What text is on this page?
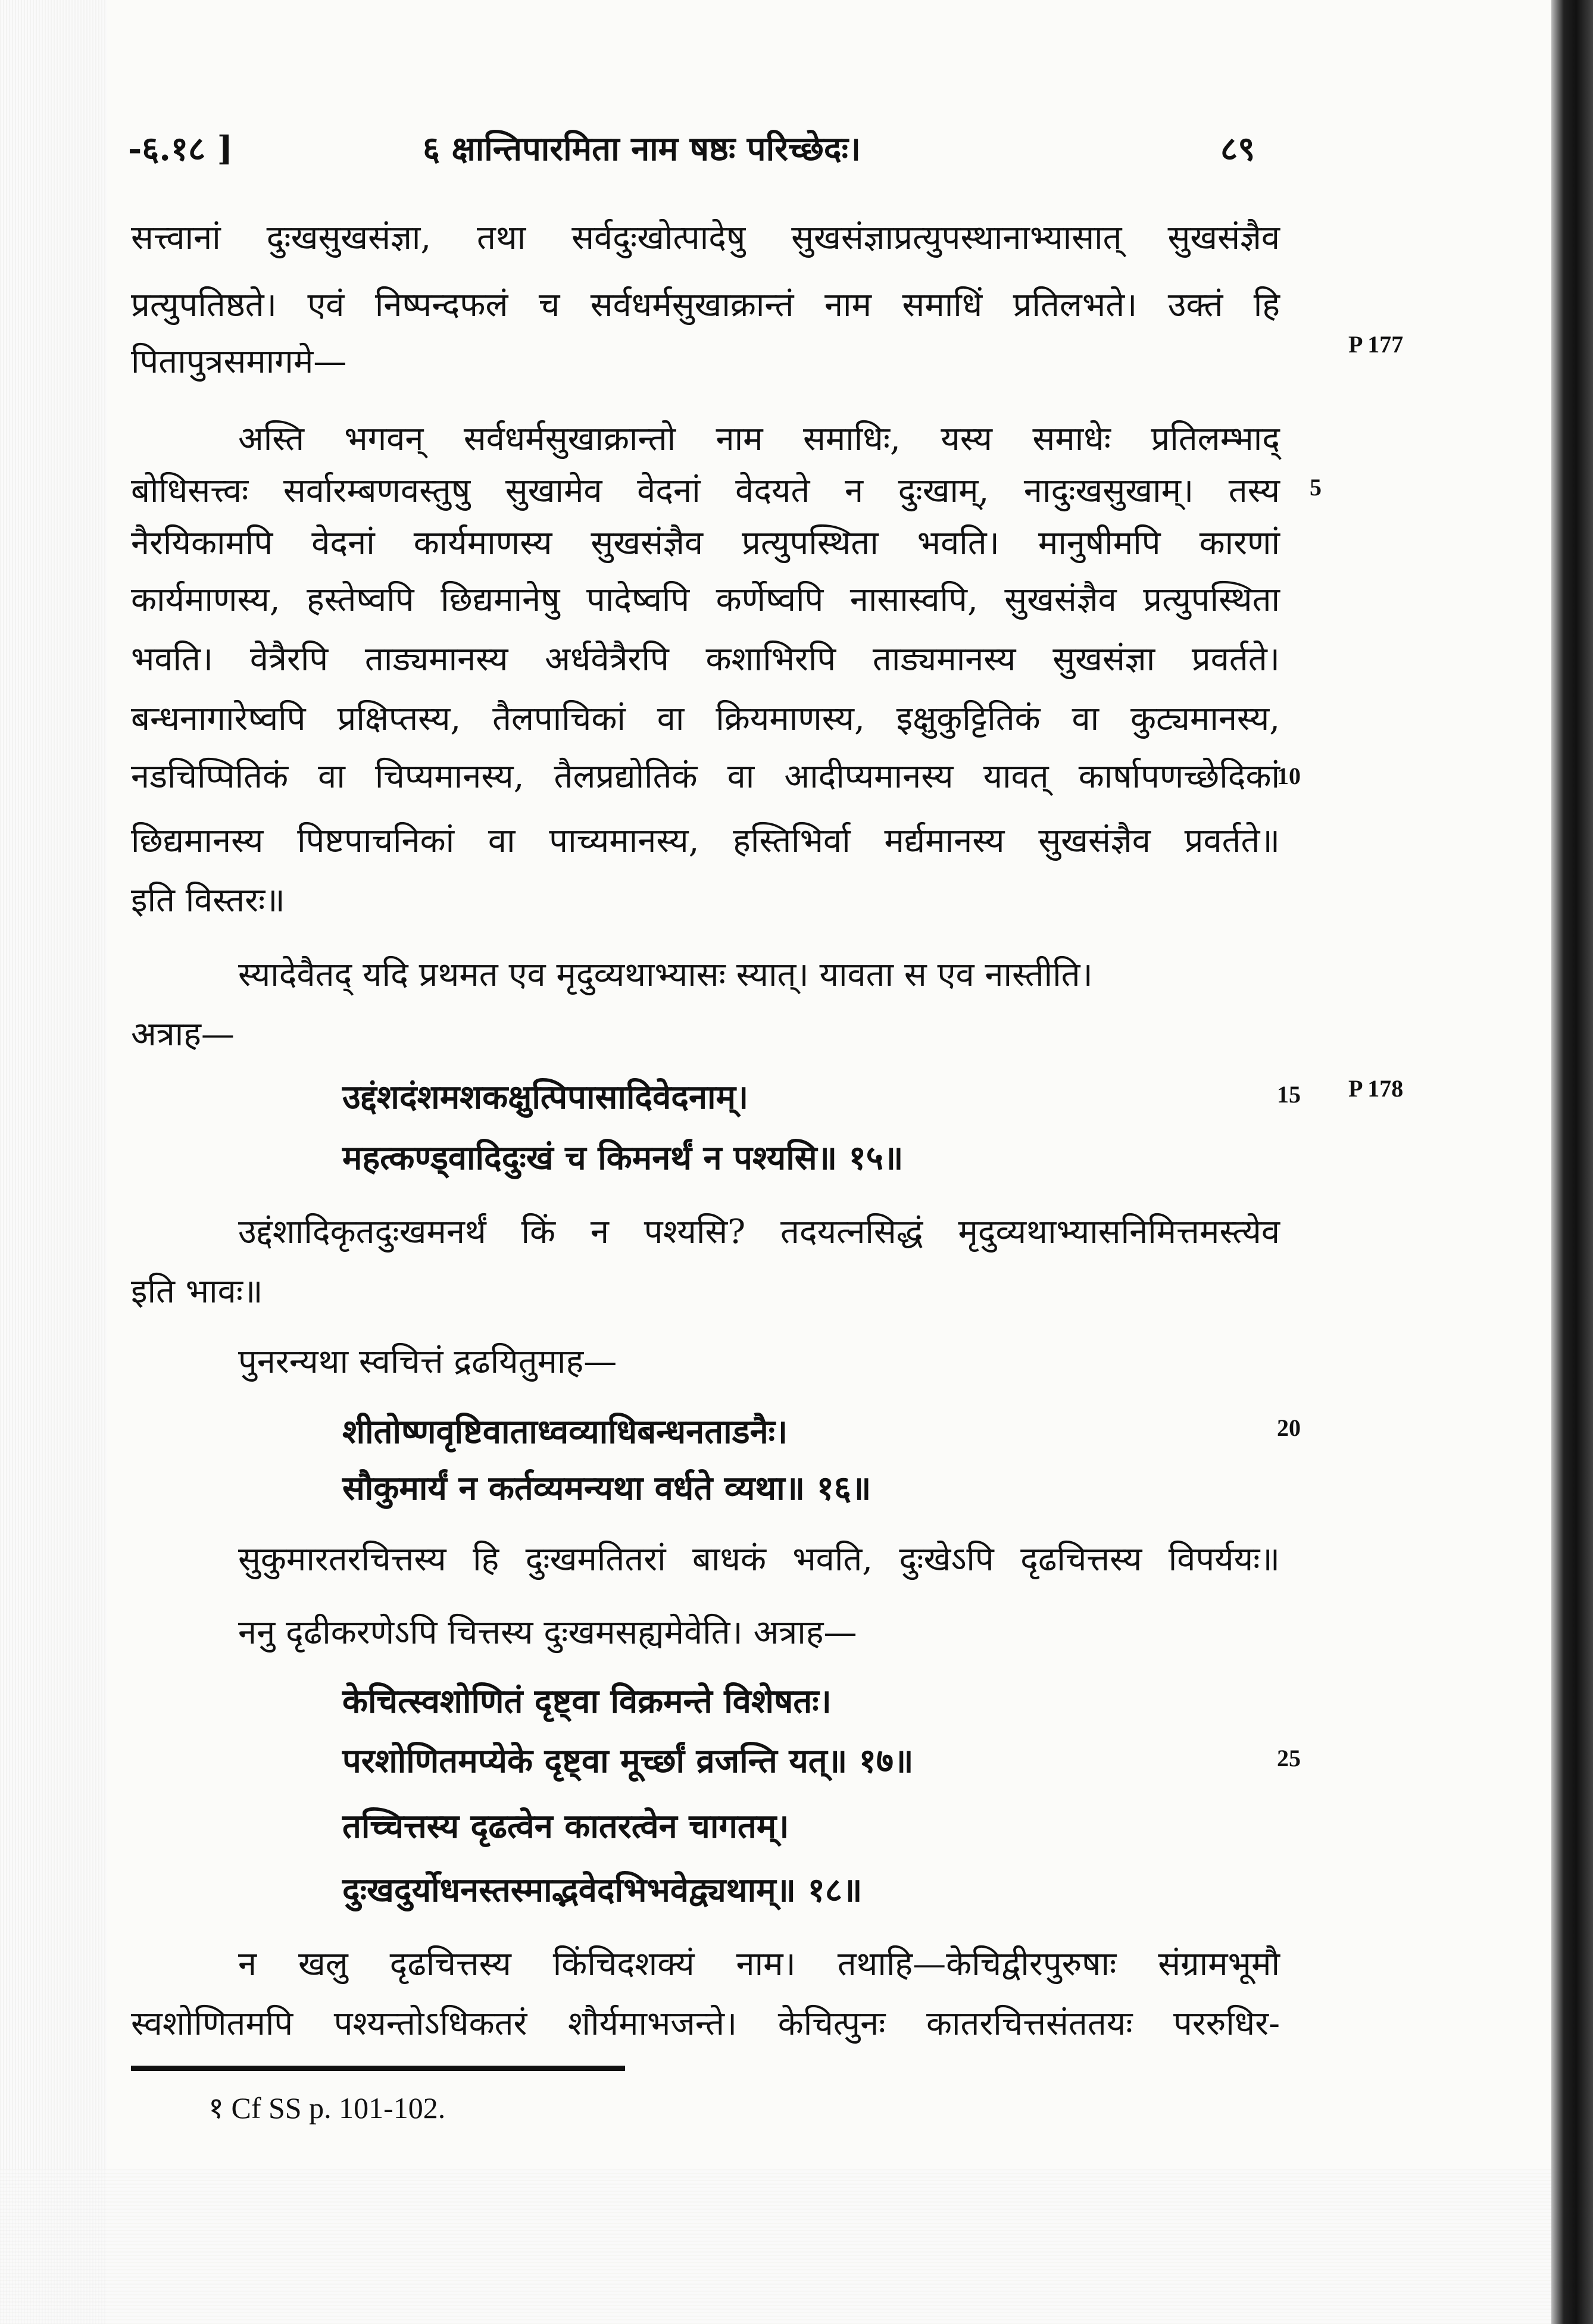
-६.१८ ]	६ क्षान्तिपारमिता नाम षष्ठः परिच्छेदः।	८९
सत्त्वानां दुःखसुखसंज्ञा, तथा सर्वदुःखोत्पादेषु सुखसंज्ञाप्रत्युपस्थानाभ्यासात् सुखसंज्ञैव
प्रत्युपतिष्ठते। एवं निष्पन्दफलं च सर्वधर्मसुखाक्रान्तं नाम समाधिं प्रतिलभते। उक्तं हि
पितापुत्रसमागमे—	P 177
अस्ति भगवन् सर्वधर्मसुखाक्रान्तो नाम समाधिः, यस्य समाधेः प्रतिलम्भाद्
बोधिसत्त्वः सर्वारम्बणवस्तुषु सुखामेव वेदनां वेदयते न दुःखाम्, नादुःखसुखाम्। तस्य 5
नैरयिकामपि वेदनां कार्यमाणस्य सुखसंज्ञैव प्रत्युपस्थिता भवति। मानुषीमपि कारणां
कार्यमाणस्य, हस्तेष्वपि छिद्यमानेषु पादेष्वपि कर्णेष्वपि नासास्वपि, सुखसंज्ञैव प्रत्युपस्थिता
भवति। वेत्रैरपि ताड्यमानस्य अर्धवेत्रैरपि कशाभिरपि ताड्यमानस्य सुखसंज्ञा प्रवर्तते।
बन्धनागारेष्वपि प्रक्षिप्तस्य, तैलपाचिकां वा क्रियमाणस्य, इक्षुकुट्टितिकं वा कुट्यमानस्य,
नडचिप्पितिकं वा चिप्यमानस्य, तैलप्रद्योतिकं वा आदीप्यमानस्य यावत् कार्षापणच्छेदिकां
10
छिद्यमानस्य पिष्टपाचनिकां वा पाच्यमानस्य, हस्तिभिर्वा मर्द्यमानस्य सुखसंज्ञैव प्रवर्तते॥
इति विस्तरः॥
स्यादेवैतद् यदि प्रथमत एव मृदुव्यथाभ्यासः स्यात्। यावता स एव नास्तीति।
अत्राह—
उद्दंशदंशमशकक्षुत्पिपासादिवेदनाम्।	15 P 178
महत्कण्ड्वादिदुःखं च किमनर्थं न पश्यसि॥ १५॥
उद्दंशादिकृतदुःखमनर्थं किं न पश्यसि? तदयत्नसिद्धं मृदुव्यथाभ्यासनिमित्तमस्त्येव
इति भावः॥
पुनरन्यथा स्वचित्तं द्रढयितुमाह—
शीतोष्णवृष्टिवाताध्वव्याधिबन्धनताडनैः।	20
सौकुमार्यं न कर्तव्यमन्यथा वर्धते व्यथा॥ १६॥
सुकुमारतरचित्तस्य हि दुःखमतितरां बाधकं भवति, दुःखेऽपि दृढचित्तस्य विपर्ययः॥
ननु दृढीकरणेऽपि चित्तस्य दुःखमसह्यमेवेति। अत्राह—
केचित्स्वशोणितं दृष्ट्वा विक्रमन्ते विशेषतः।
परशोणितमप्येके दृष्ट्वा मूर्च्छां व्रजन्ति यत्॥ १७॥	25
तच्चित्तस्य दृढत्वेन कातरत्वेन चागतम्।
दुःखदुर्योधनस्तस्माद्भवेदभिभवेद्व्यथाम्॥ १८॥
न खलु दृढचित्तस्य किंचिदशक्यं नाम। तथाहि—केचिद्वीरपुरुषाः संग्रामभूमौ
स्वशोणितमपि पश्यन्तोऽधिकतरं शौर्यमाभजन्ते। केचित्पुनः कातरचित्तसंततयः पररुधिर-
१ Cf SS p. 101-102.
